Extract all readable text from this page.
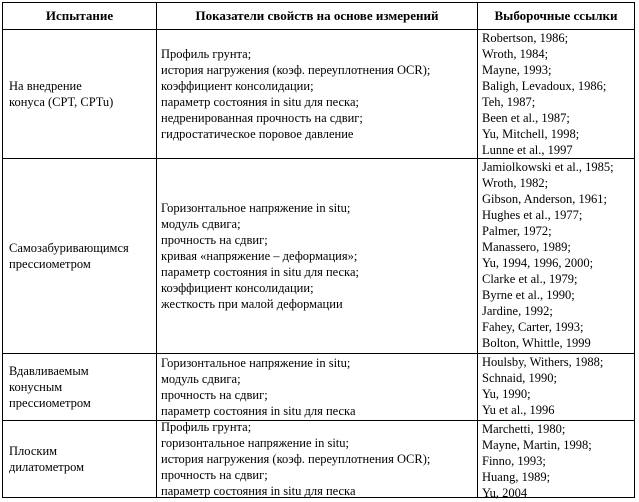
Испытание	Показатели свойств на основе измерений	Выборочные ссылки
На внедрение
конуса (CPT, CPTu)
Профиль грунта;
история нагружения (коэф. переуплотнения OCR);
коэффициент консолидации;
параметр состояния in situ для песка;
недренированная прочность на сдвиг;
гидростатическое поровое давление
Robertson, 1986;
Wroth, 1984;
Mayne, 1993;
Baligh, Levadoux, 1986;
Teh, 1987;
Been et al., 1987;
Yu, Mitchell, 1998;
Lunne et al., 1997
Самозабуривающимся
прессиометром
Горизонтальное напряжение in situ;
модуль сдвига;
прочность на сдвиг;
кривая «напряжение – деформация»;
параметр состояния in situ для песка;
коэффициент консолидации;
жесткость при малой деформации
Jamiolkowski et al., 1985;
Wroth, 1982;
Gibson, Anderson, 1961;
Hughes et al., 1977;
Palmer, 1972;
Manassero, 1989;
Yu, 1994, 1996, 2000;
Clarke et al., 1979;
Byrne et al., 1990;
Jardine, 1992;
Fahey, Carter, 1993;
Bolton, Whittle, 1999
Вдавливаемым
конусным
прессиометром
Горизонтальное напряжение in situ;
модуль сдвига;
прочность на сдвиг;
параметр состояния in situ для песка
Houlsby, Withers, 1988;
Schnaid, 1990;
Yu, 1990;
Yu et al., 1996
Плоским
дилатометром
Профиль грунта;
горизонтальное напряжение in situ;
история нагружения (коэф. переуплотнения OCR);
прочность на сдвиг;
параметр состояния in situ для песка
Marchetti, 1980;
Mayne, Martin, 1998;
Finno, 1993;
Huang, 1989;
Yu, 2004
